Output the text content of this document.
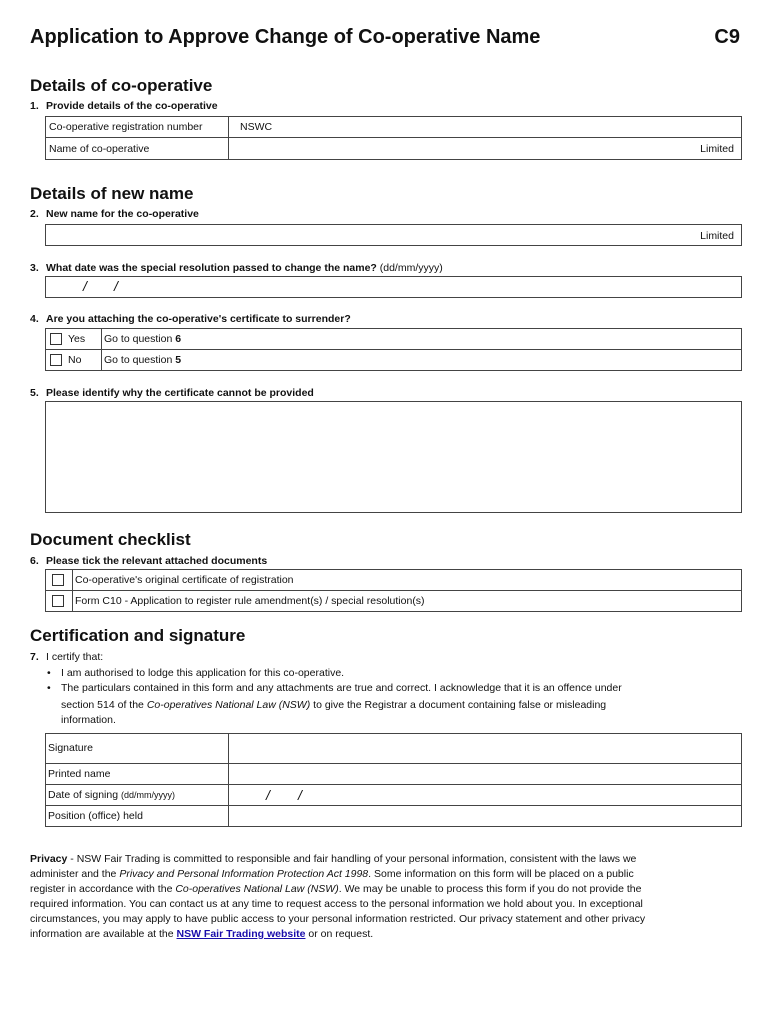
Application to Approve Change of Co-operative Name	C9
Details of co-operative
1. Provide details of the co-operative
Co-operative registration number	NSWC
Name of co-operative	Limited
Details of new name
2. New name for the co-operative
Limited
3. What date was the special resolution passed to change the name? (dd/mm/yyyy)
/ /
4. Are you attaching the co-operative's certificate to surrender?
Yes Go to question 6
No Go to question 5
5. Please identify why the certificate cannot be provided
Document checklist
6. Please tick the relevant attached documents
Co-operative's original certificate of registration
Form C10 - Application to register rule amendment(s) / special resolution(s)
Certification and signature
7. I certify that:
• I am authorised to lodge this application for this co-operative.
• The particulars contained in this form and any attachments are true and correct. I acknowledge that it is an offence under
section 514 of the Co-operatives National Law (NSW) to give the Registrar a document containing false or misleading
information.
Signature
Printed name
Date of signing (dd/mm/yyyy)	/ /
Position (office) held
Privacy - NSW Fair Trading is committed to responsible and fair handling of your personal information, consistent with the laws we
administer and the Privacy and Personal Information Protection Act 1998. Some information on this form will be placed on a public
register in accordance with the Co-operatives National Law (NSW). We may be unable to process this form if you do not provide the
required information. You can contact us at any time to request access to the personal information we hold about you. In exceptional
circumstances, you may apply to have public access to your personal information restricted. Our privacy statement and other privacy
information are available at the NSW Fair Trading website or on request.
